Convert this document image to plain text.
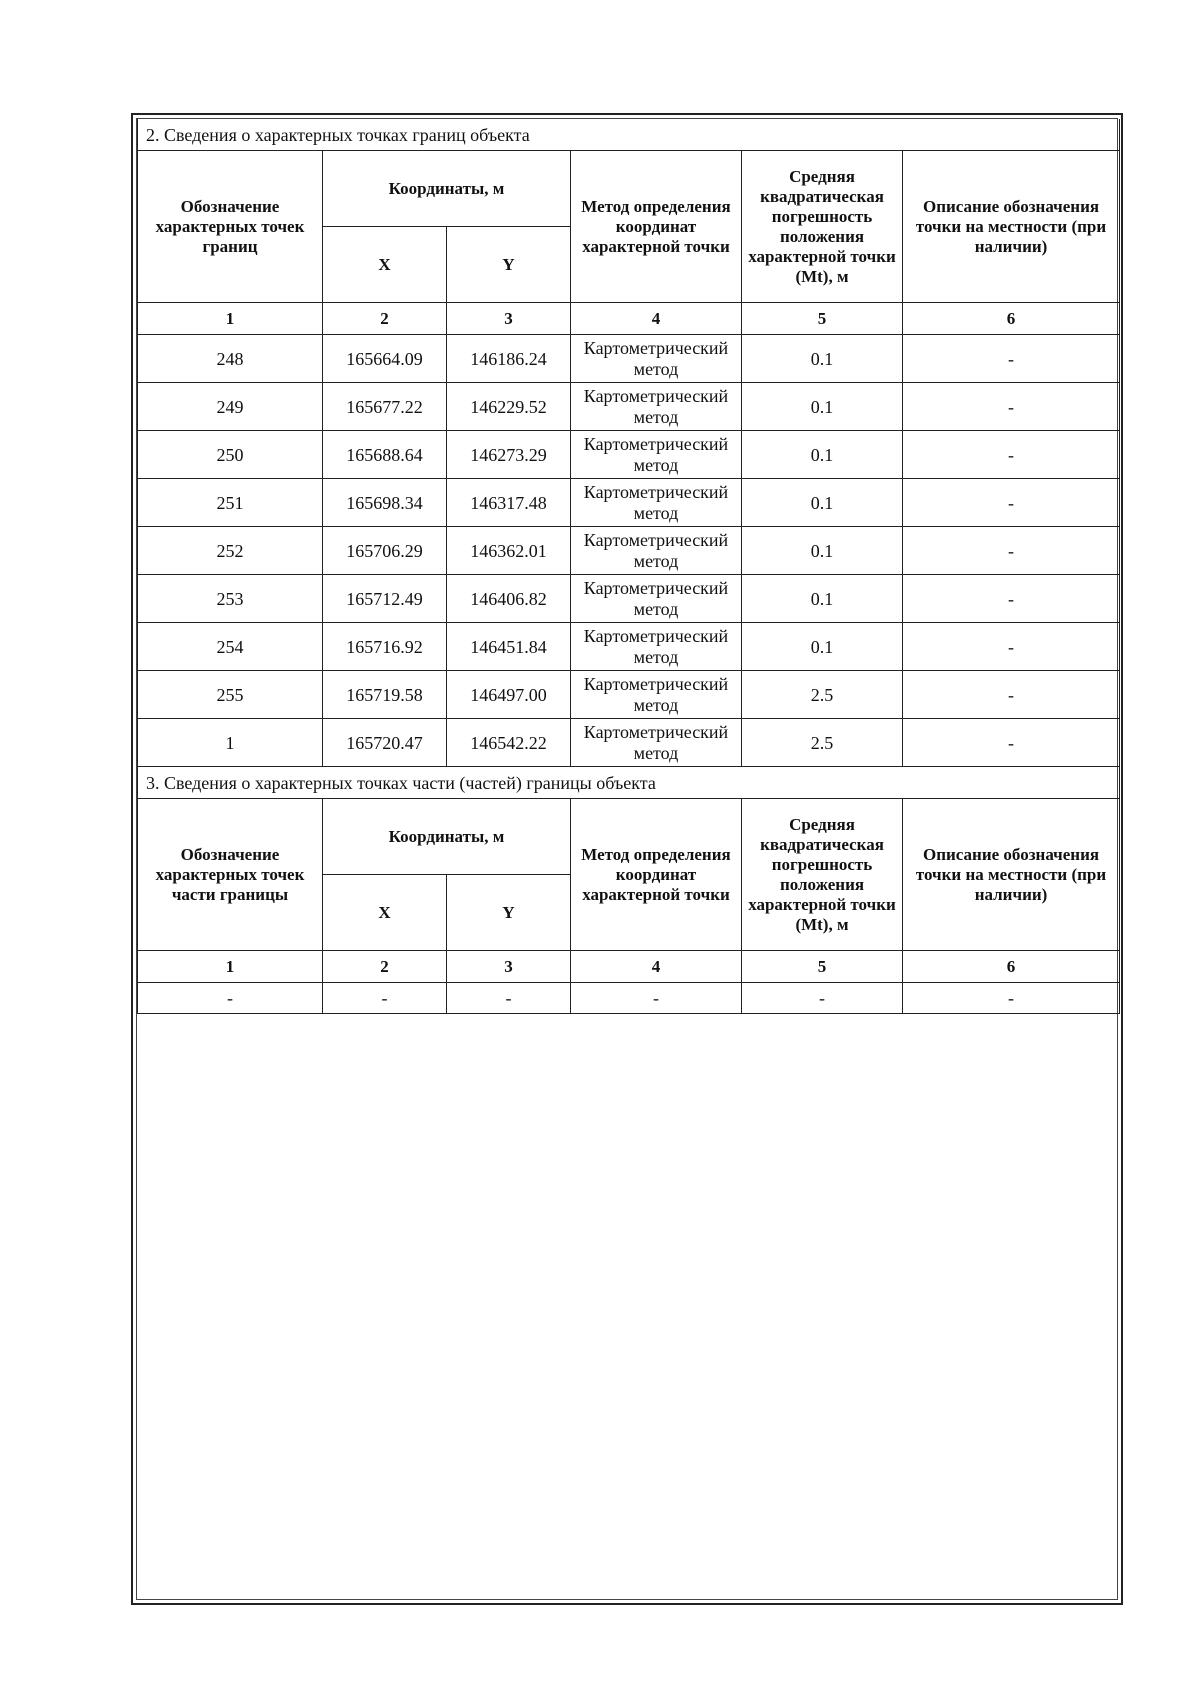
2. Сведения о характерных точках границ объекта					
Обозначение характерных точек границ	Координаты, м		Метод определения координат характерной точки	Средняя квадратическая погрешность положения характерной точки (Mt), м	Описание обозначения точки на местности (при наличии)
	X	Y			
1	2	3	4	5	6
248	165664.09	146186.24	Картометрический метод	0.1	-
249	165677.22	146229.52	Картометрический метод	0.1	-
250	165688.64	146273.29	Картометрический метод	0.1	-
251	165698.34	146317.48	Картометрический метод	0.1	-
252	165706.29	146362.01	Картометрический метод	0.1	-
253	165712.49	146406.82	Картометрический метод	0.1	-
254	165716.92	146451.84	Картометрический метод	0.1	-
255	165719.58	146497.00	Картометрический метод	2.5	-
1	165720.47	146542.22	Картометрический метод	2.5	-
3. Сведения о характерных точках части (частей) границы объекта					
Обозначение характерных точек части границы	Координаты, м		Метод определения координат характерной точки	Средняя квадратическая погрешность положения характерной точки (Mt), м	Описание обозначения точки на местности (при наличии)
	X	Y			
1	2	3	4	5	6
-	-	-	-	-	-
